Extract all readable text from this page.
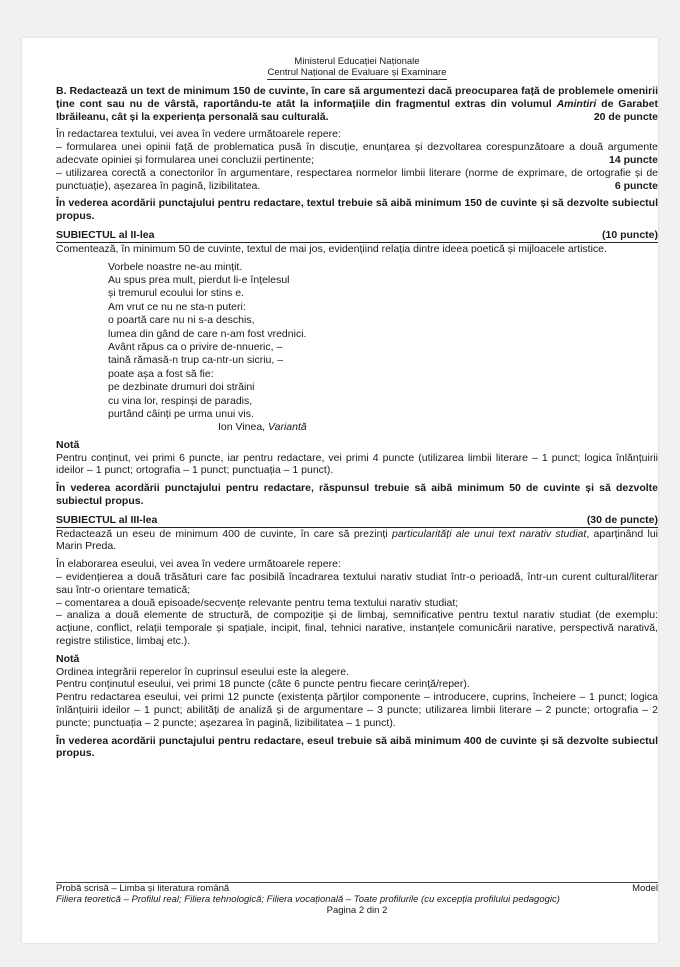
Ministerul Educației Naționale
Centrul Național de Evaluare și Examinare

B. Redactează un text de minimum 150 de cuvinte, în care să argumentezi dacă preocuparea față de problemele omenirii ține cont sau nu de vârstă, raportându-te atât la informațiile din fragmentul extras din volumul Amintiri de Garabet Ibrăileanu, cât și la experiența personală sau culturală.	20 de puncte

În redactarea textului, vei avea în vedere următoarele repere:

– formularea unei opinii față de problematica pusă în discuție, enunțarea și dezvoltarea corespunzătoare a două argumente adecvate opiniei și formularea unei concluzii pertinente;	14 puncte

– utilizarea corectă a conectorilor în argumentare, respectarea normelor limbii literare (norme de exprimare, de ortografie și de punctuație), așezarea în pagină, lizibilitatea.	6 puncte

În vederea acordării punctajului pentru redactare, textul trebuie să aibă minimum 150 de cuvinte și să dezvolte subiectul propus.

SUBIECTUL al II-lea	(10 puncte)

Comentează, în minimum 50 de cuvinte, textul de mai jos, evidențiind relația dintre ideea poetică și mijloacele artistice.

Vorbele noastre ne-au mințit.
Au spus prea mult, pierdut li-e înțelesul
și tremurul ecoului lor stins e.
Am vrut ce nu ne sta-n puteri:
o poartă care nu ni s-a deschis,
lumea din gând de care n-am fost vrednici.
Avânt răpus ca o privire de-nnueric, –
taină rămasă-n trup ca-ntr-un sicriu, –
poate așa a fost să fie:
pe dezbinate drumuri doi străini
cu vina lor, respinși de paradis,
purtând câinți pe urma unui vis.
Ion Vinea, Variantă

Notă

Pentru conținut, vei primi 6 puncte, iar pentru redactare, vei primi 4 puncte (utilizarea limbii literare – 1 punct; logica înlănțuirii ideilor – 1 punct; ortografia – 1 punct; punctuația – 1 punct).

În vederea acordării punctajului pentru redactare, răspunsul trebuie să aibă minimum 50 de cuvinte și să dezvolte subiectul propus.

SUBIECTUL al III-lea	(30 de puncte)

Redactează un eseu de minimum 400 de cuvinte, în care să prezinți particularități ale unui text narativ studiat, aparținând lui Marin Preda.

În elaborarea eseului, vei avea în vedere următoarele repere:

– evidențierea a două trăsături care fac posibilă încadrarea textului narativ studiat într-o perioadă, într-un curent cultural/literar sau într-o orientare tematică;

– comentarea a două episoade/secvențe relevante pentru tema textului narativ studiat;

– analiza a două elemente de structură, de compoziție și de limbaj, semnificative pentru textul narativ studiat (de exemplu: acțiune, conflict, relații temporale și spațiale, incipit, final, tehnici narative, instanțele comunicării narative, perspectivă narativă, registre stilistice, limbaj etc.).

Notă

Ordinea integrării reperelor în cuprinsul eseului este la alegere.

Pentru conținutul eseului, vei primi 18 puncte (câte 6 puncte pentru fiecare cerință/reper).

Pentru redactarea eseului, vei primi 12 puncte (existența părților componente – introducere, cuprins, încheiere – 1 punct; logica înlănțuirii ideilor – 1 punct; abilități de analiză și de argumentare – 3 puncte; utilizarea limbii literare – 2 puncte; ortografia – 2 puncte; punctuația – 2 puncte; așezarea în pagină, lizibilitatea – 1 punct).

În vederea acordării punctajului pentru redactare, eseul trebuie să aibă minimum 400 de cuvinte și să dezvolte subiectul propus.

Probă scrisă – Limba și literatura română	Model
Filiera teoretică – Profilul real; Filiera tehnologică; Filiera vocațională – Toate profilurile (cu excepția profilului pedagogic)
Pagina 2 din 2
